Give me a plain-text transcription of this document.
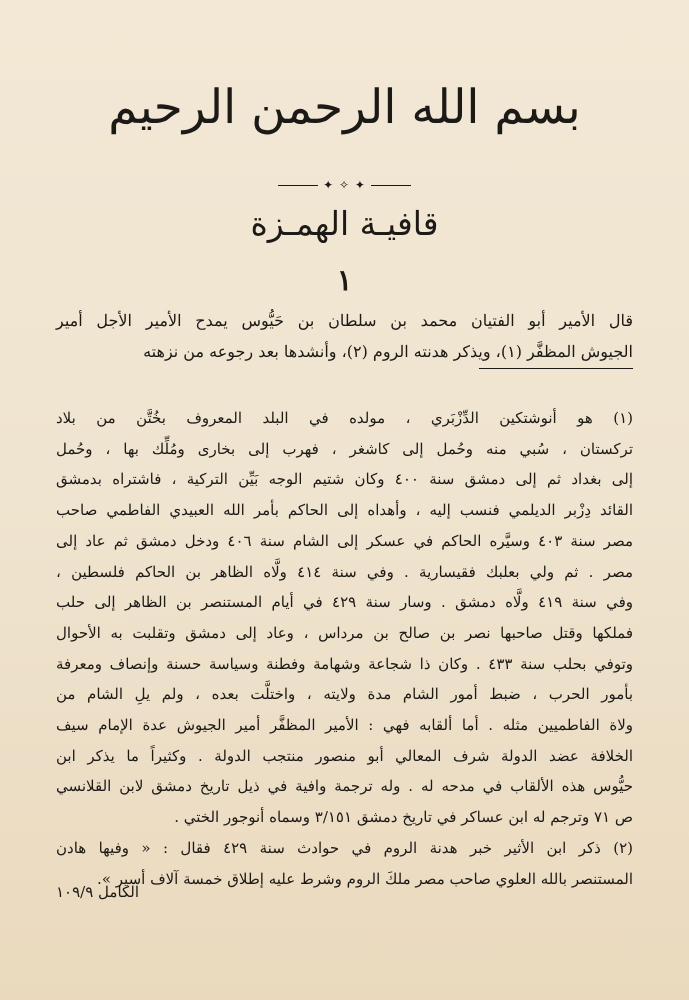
بسم الله الرحمن الرحيم
✦ ✧ ✦
قافيـة الهمـزة
١
قال الأمير أبو الفتيان محمد بن سلطان بن حَيُّوس يمدح الأمير الأجل أمير
الجيوش المظفَّر (١)، ويذكر هدنته الروم (٢)، وأنشدها بعد رجوعه من نزهته

(١) هو أنوشتكين الدِّزْبَري ، مولده في البلد المعروف بخُتَّن من بلاد
تركستان ، سُبي منه وحُمل إلى كاشغر ، فهرب إلى بخارى ومُلِّك بها ، وحُمل
إلى بغداد ثم إلى دمشق سنة ٤٠٠ وكان شتيم الوجه بَيِّن التركية ، فاشتراه بدمشق
القائد دِزْبر الديلمي فنسب إليه ، وأهداه إلى الحاكم بأمر الله العبيدي الفاطمي صاحب
مصر سنة ٤٠٣ وسيَّره الحاكم في عسكر إلى الشام سنة ٤٠٦ ودخل دمشق ثم عاد إلى
مصر . ثم ولي بعلبك فقيسارية . وفي سنة ٤١٤ ولَّاه الظاهر بن الحاكم فلسطين ،
وفي سنة ٤١٩ ولَّاه دمشق . وسار سنة ٤٢٩ في أيام المستنصر بن الظاهر إلى حلب
فملكها وقتل صاحبها نصر بن صالح بن مرداس ، وعاد إلى دمشق وتقلبت به الأحوال
وتوفي بحلب سنة ٤٣٣ . وكان ذا شجاعة وشهامة وفطنة وسياسة حسنة وإنصاف ومعرفة
بأمور الحرب ، ضبط أمور الشام مدة ولايته ، واختلَّت بعده ، ولم يلِ الشام من
ولاة الفاطميين مثله . أما ألقابه فهي : الأمير المظفَّر أمير الجيوش عدة الإمام سيف
الخلافة عضد الدولة شرف المعالي أبو منصور منتجب الدولة . وكثيراً ما يذكر ابن
حيُّوس هذه الألقاب في مدحه له . وله ترجمة وافية في ذيل تاريخ دمشق لابن القلانسي
ص ٧١ وترجم له ابن عساكر في تاريخ دمشق ٣/١٥١ وسماه أنوجور الختي .

(٢) ذكر ابن الأثير خبر هدنة الروم في حوادث سنة ٤٢٩ فقال : « وفيها هادن
المستنصر بالله العلوي صاحب مصر ملكَ الروم وشرط عليه إطلاق خمسة آلاف أسير ».

الكامل ١٠٩/٩
